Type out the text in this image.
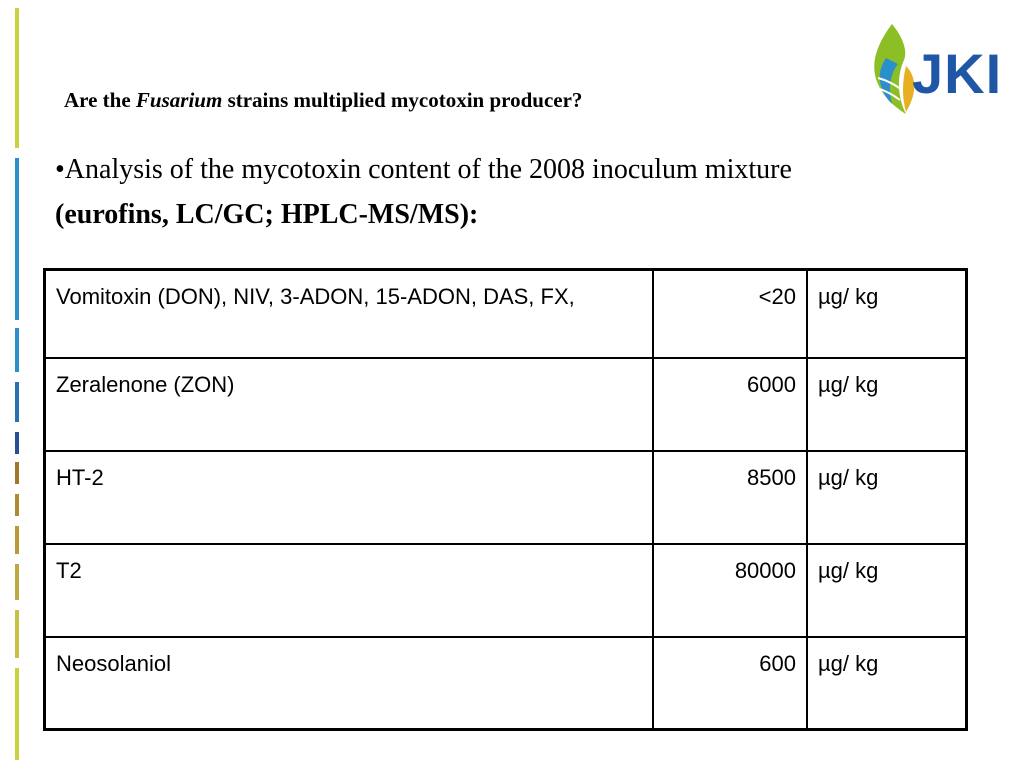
JKI
Are the Fusarium strains multiplied mycotoxin producer?
•Analysis of the mycotoxin content of the 2008 inoculum mixture (eurofins, LC/GC; HPLC-MS/MS):
Vomitoxin (DON), NIV, 3-ADON, 15-ADON, DAS, FX,	<20	µg/ kg
Zeralenone (ZON)	6000	µg/ kg
HT-2	8500	µg/ kg
T2	80000	µg/ kg
Neosolaniol	600	µg/ kg
